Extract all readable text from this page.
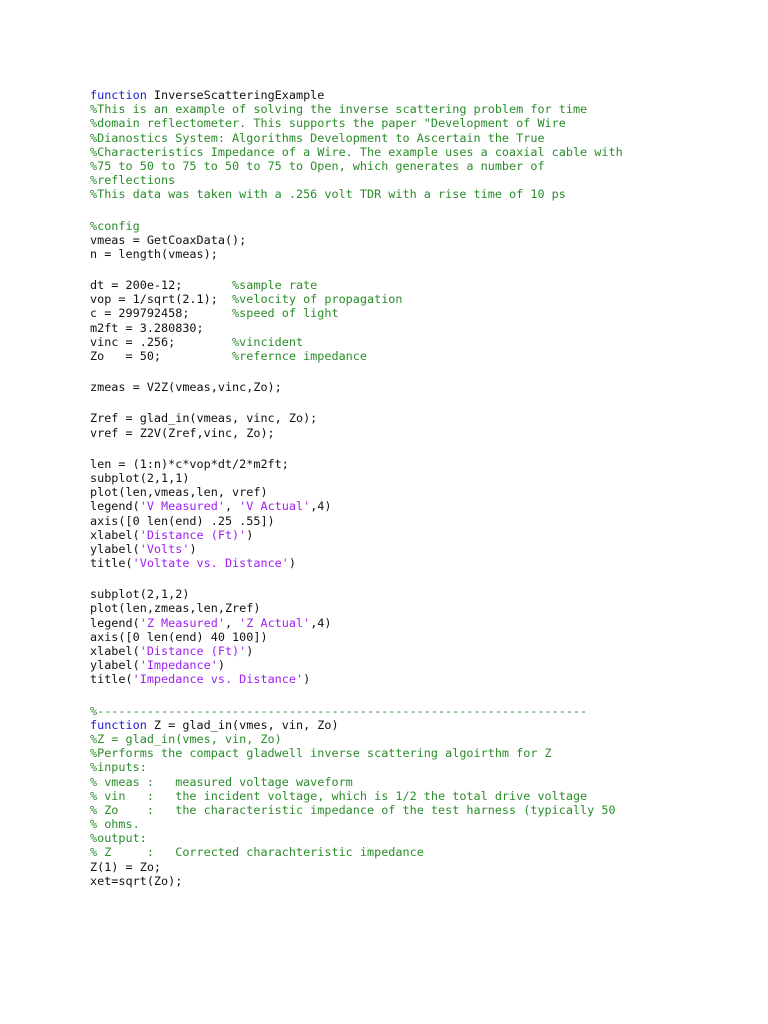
function InverseScatteringExample
%This is an example of solving the inverse scattering problem for time
%domain reflectometer. This supports the paper "Development of Wire
%Dianostics System: Algorithms Development to Ascertain the True
%Characteristics Impedance of a Wire. The example uses a coaxial cable with
%75 to 50 to 75 to 50 to 75 to Open, which generates a number of
%reflections
%This data was taken with a .256 volt TDR with a rise time of 10 ps
%config
vmeas = GetCoaxData();
n = length(vmeas);
dt = 200e-12;       %sample rate
vop = 1/sqrt(2.1);  %velocity of propagation
c = 299792458;      %speed of light
m2ft = 3.280830;
vinc = .256;        %vincident
Zo   = 50;          %refernce impedance
zmeas = V2Z(vmeas,vinc,Zo);
Zref = glad_in(vmeas, vinc, Zo);
vref = Z2V(Zref,vinc, Zo);
len = (1:n)*c*vop*dt/2*m2ft;
subplot(2,1,1)
plot(len,vmeas,len, vref)
legend('V Measured', 'V Actual',4)
axis([0 len(end) .25 .55])
xlabel('Distance (Ft)')
ylabel('Volts')
title('Voltate vs. Distance')
subplot(2,1,2)
plot(len,zmeas,len,Zref)
legend('Z Measured', 'Z Actual',4)
axis([0 len(end) 40 100])
xlabel('Distance (Ft)')
ylabel('Impedance')
title('Impedance vs. Distance')
%---------------------------------------------------------------------
function Z = glad_in(vmes, vin, Zo)
%Z = glad_in(vmes, vin, Zo)
%Performs the compact gladwell inverse scattering algoirthm for Z
%inputs:
% vmeas :   measured voltage waveform
% vin   :   the incident voltage, which is 1/2 the total drive voltage
% Zo    :   the characteristic impedance of the test harness (typically 50
% ohms.
%output:
% Z     :   Corrected charachteristic impedance
Z(1) = Zo;
xet=sqrt(Zo);
